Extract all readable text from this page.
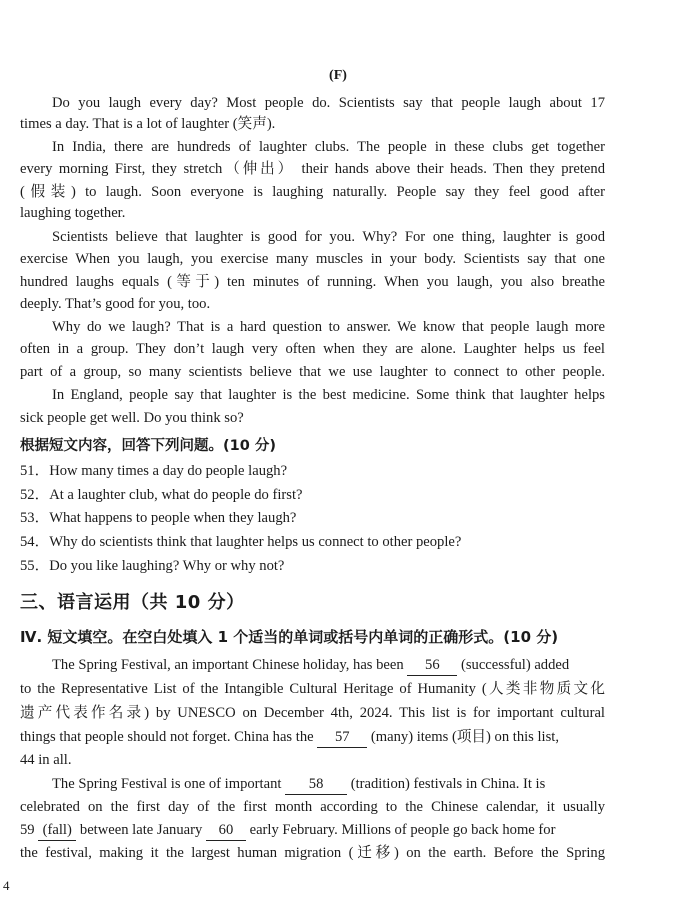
(F)
Do you laugh every day? Most people do. Scientists say that people laugh about 17
times a day. That is a lot of laughter (笑声).
In India, there are hundreds of laughter clubs. The people in these clubs get together
every morning First, they stretch（伸出） their hands above their heads. Then they pretend
(假装) to laugh. Soon everyone is laughing naturally. People say they feel good after
laughing together.
Scientists believe that laughter is good for you. Why? For one thing, laughter is good
exercise When you laugh, you exercise many muscles in your body. Scientists say that one
hundred laughs equals (等于) ten minutes of running. When you laugh, you also breathe
deeply. That’s good for you, too.
Why do we laugh? That is a hard question to answer. We know that people laugh more
often in a group. They don’t laugh very often when they are alone. Laughter helps us feel
part of a group, so many scientists believe that we use laughter to connect to other people.
In England, people say that laughter is the best medicine. Some think that laughter helps
sick people get well. Do you think so?
根据短文内容，回答下列问题。(10 分)
51．How many times a day do people laugh?
52．At a laughter club, what do people do first?
53．What happens to people when they laugh?
54．Why do scientists think that laughter helps us connect to other people?
55．Do you like laughing? Why or why not?
三、语言运用（共 10 分）
Ⅳ. 短文填空。在空白处填入 1 个适当的单词或括号内单词的正确形式。(10 分)
The Spring Festival, an important Chinese holiday, has been 56 (successful) added
to the Representative List of the Intangible Cultural Heritage of Humanity (人类非物质文化
遗产代表作名录) by UNESCO on December 4th, 2024. This list is for important cultural
things that people should not forget. China has the 57 (many) items (项目) on this list,
44 in all.
The Spring Festival is one of important 58 (tradition) festivals in China. It is
celebrated on the first day of the first month according to the Chinese calendar, it usually
59 (fall) between late January 60 early February. Millions of people go back home for
the festival, making it the largest human migration (迁移) on the earth. Before the Spring
4
